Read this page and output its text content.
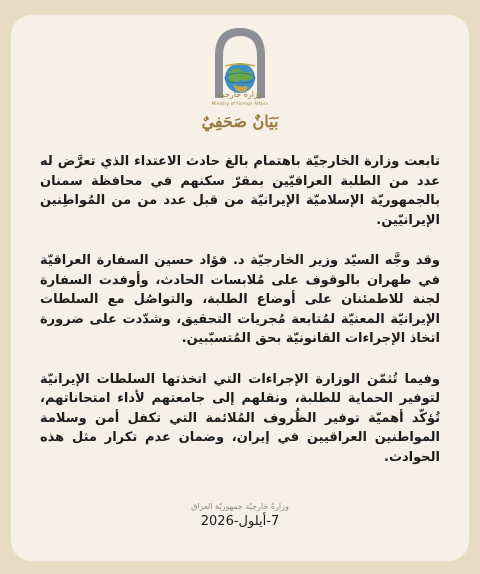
وزارة خارجية
Ministry of Foreign Affairs
بَيَانٌ صَحَفِيٌ

تابعت وزارة الخارجيّة باهتمام بالغ حادث الاعتداء الذي تعرَّض له عدد من الطلبة العراقيّين بمقرّ سكنهم في محافظة سمنان بالجمهوريّة الإسلاميّة الإيرانيّة من قبل عدد من من المُواطِنين الإيرانيّين.

وقد وجَّه السيّد وزير الخارجيّة د. فؤاد حسين السفارة العراقيّة في طهران بالوقوف على مُلابسات الحادث، وأوفدت السفارة لجنة للاطمئنان على أوضاع الطلبة، والتواصُل مع السلطات الإيرانيّة المعنيّة لمُتابعة مُجريات التحقيق، وشدّدت على ضرورة اتخاذ الإجراءات القانونيّة بحق المُتسبّبين.

وفيما تُثمّن الوزارة الإجراءات التي اتخذتها السلطات الإيرانيّة لتوفير الحماية للطلبة، ونقلهم إلى جامعتهم لأداء امتحاناتهم، تُؤكّد أهميّة توفير الظُروف المُلائمة التي تكفل أمن وسلامة المواطنين العراقيين في إيران، وضمان عدم تكرار مثل هذه الحوادث.

وزارةُ خارجيّة جمهوريّة العراق
7-أيلول-2026
